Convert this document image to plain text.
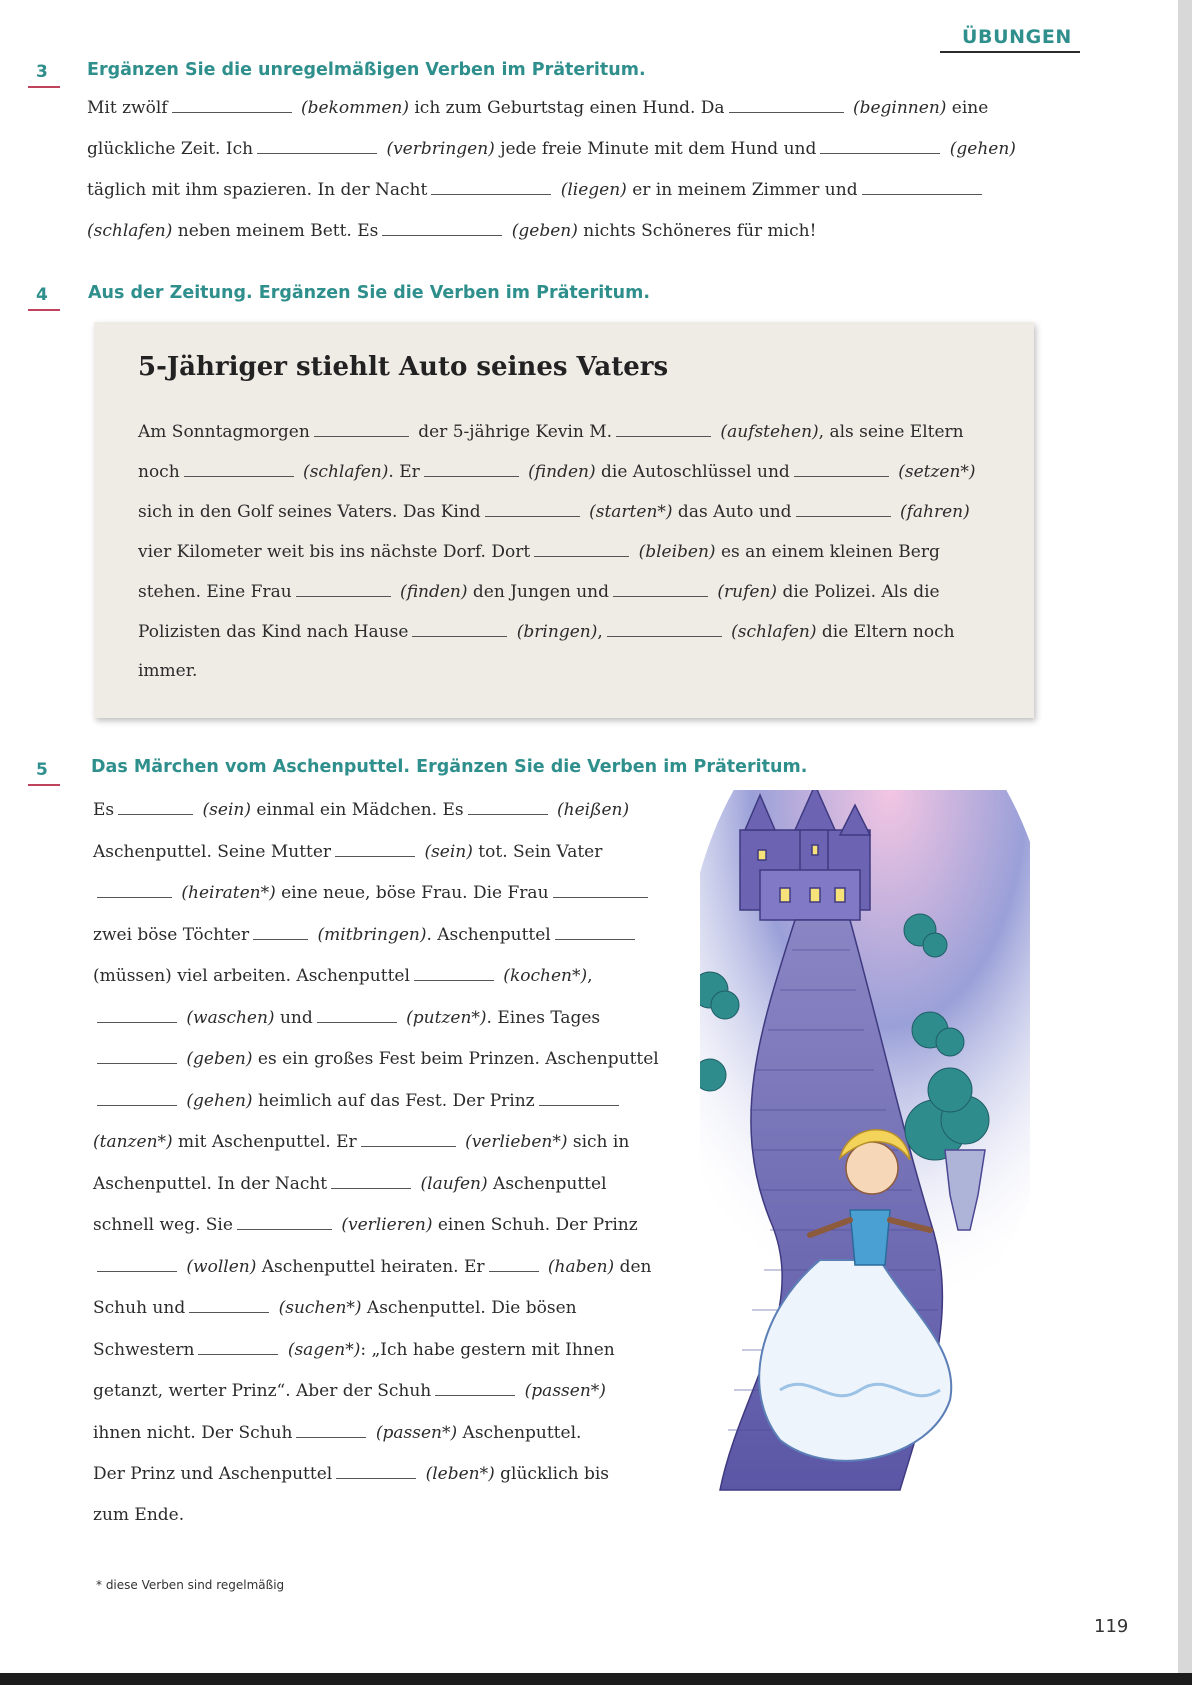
ÜBUNGEN
3 Ergänzen Sie die unregelmäßigen Verben im Präteritum.
Mit zwölf	(bekommen) ich zum Geburtstag einen Hund. Da	(beginnen) eine
glückliche Zeit. Ich	(verbringen) jede freie Minute mit dem Hund und	(gehen)
täglich mit ihm spazieren. In der Nacht	(liegen) er in meinem Zimmer und
(schlafen) neben meinem Bett. Es	(geben) nichts Schöneres für mich!
4 Aus der Zeitung. Ergänzen Sie die Verben im Präteritum.
5-Jähriger stiehlt Auto seines Vaters
Am Sonntagmorgen	der 5-jährige Kevin M.	(aufstehen), als seine Eltern
noch	(schlafen). Er	(finden) die Autoschlüssel und	(setzen*)
sich in den Golf seines Vaters. Das Kind	(starten*) das Auto und	(fahren)
vier Kilometer weit bis ins nächste Dorf. Dort	(bleiben) es an einem kleinen Berg
stehen. Eine Frau	(finden) den Jungen und	(rufen) die Polizei. Als die
Polizisten das Kind nach Hause	(bringen),	(schlafen) die Eltern noch
immer.
5 Das Märchen vom Aschenputtel. Ergänzen Sie die Verben im Präteritum.
Es	(sein) einmal ein Mädchen. Es	(heißen)
Aschenputtel. Seine Mutter	(sein) tot. Sein Vater
(heiraten*) eine neue, böse Frau. Die Frau
zwei böse Töchter	(mitbringen). Aschenputtel
(müssen) viel arbeiten. Aschenputtel	(kochen*),
(waschen) und	(putzen*). Eines Tages
(geben) es ein großes Fest beim Prinzen. Aschenputtel
(gehen) heimlich auf das Fest. Der Prinz
(tanzen*) mit Aschenputtel. Er	(verlieben*) sich in
Aschenputtel. In der Nacht	(laufen) Aschenputtel
schnell weg. Sie	(verlieren) einen Schuh. Der Prinz
(wollen) Aschenputtel heiraten. Er	(haben) den
Schuh und	(suchen*) Aschenputtel. Die bösen
Schwestern	(sagen*): „Ich habe gestern mit Ihnen
getanzt, werter Prinz“. Aber der Schuh	(passen*)
ihnen nicht. Der Schuh	(passen*) Aschenputtel.
Der Prinz und Aschenputtel	(leben*) glücklich bis
zum Ende.
* diese Verben sind regelmäßig
119
